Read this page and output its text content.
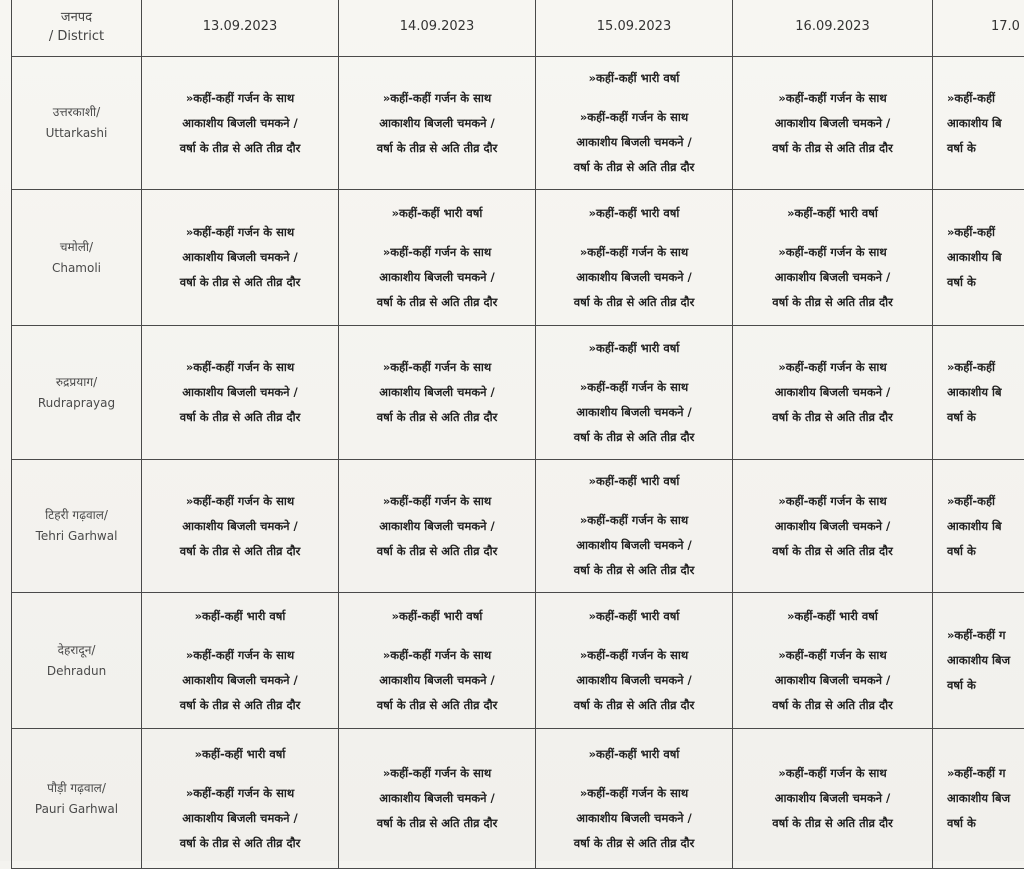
जनपद
/ District	13.09.2023	14.09.2023	15.09.2023	16.09.2023	17.0

उत्तरकाशी/
Uttarkashi	»कहीं-कहीं गर्जन के साथ
आकाशीय बिजली चमकने /
वर्षा के तीव्र से अति तीव्र दौर	»कहीं-कहीं गर्जन के साथ
आकाशीय बिजली चमकने /
वर्षा के तीव्र से अति तीव्र दौर	»कहीं-कहीं भारी वर्षा
»कहीं-कहीं गर्जन के साथ
आकाशीय बिजली चमकने /
वर्षा के तीव्र से अति तीव्र दौर	»कहीं-कहीं गर्जन के साथ
आकाशीय बिजली चमकने /
वर्षा के तीव्र से अति तीव्र दौर	»कहीं-कहीं
आकाशीय बि
वर्षा के

चमोली/
Chamoli	»कहीं-कहीं गर्जन के साथ
आकाशीय बिजली चमकने /
वर्षा के तीव्र से अति तीव्र दौर	»कहीं-कहीं भारी वर्षा
»कहीं-कहीं गर्जन के साथ
आकाशीय बिजली चमकने /
वर्षा के तीव्र से अति तीव्र दौर	»कहीं-कहीं भारी वर्षा
»कहीं-कहीं गर्जन के साथ
आकाशीय बिजली चमकने /
वर्षा के तीव्र से अति तीव्र दौर	»कहीं-कहीं भारी वर्षा
»कहीं-कहीं गर्जन के साथ
आकाशीय बिजली चमकने /
वर्षा के तीव्र से अति तीव्र दौर	»कहीं-कहीं
आकाशीय बि
वर्षा के

रुद्रप्रयाग/
Rudraprayag	»कहीं-कहीं गर्जन के साथ
आकाशीय बिजली चमकने /
वर्षा के तीव्र से अति तीव्र दौर	»कहीं-कहीं गर्जन के साथ
आकाशीय बिजली चमकने /
वर्षा के तीव्र से अति तीव्र दौर	»कहीं-कहीं भारी वर्षा
»कहीं-कहीं गर्जन के साथ
आकाशीय बिजली चमकने /
वर्षा के तीव्र से अति तीव्र दौर	»कहीं-कहीं गर्जन के साथ
आकाशीय बिजली चमकने /
वर्षा के तीव्र से अति तीव्र दौर	»कहीं-कहीं
आकाशीय बि
वर्षा के

टिहरी गढ़वाल/
Tehri Garhwal	»कहीं-कहीं गर्जन के साथ
आकाशीय बिजली चमकने /
वर्षा के तीव्र से अति तीव्र दौर	»कहीं-कहीं गर्जन के साथ
आकाशीय बिजली चमकने /
वर्षा के तीव्र से अति तीव्र दौर	»कहीं-कहीं भारी वर्षा
»कहीं-कहीं गर्जन के साथ
आकाशीय बिजली चमकने /
वर्षा के तीव्र से अति तीव्र दौर	»कहीं-कहीं गर्जन के साथ
आकाशीय बिजली चमकने /
वर्षा के तीव्र से अति तीव्र दौर	»कहीं-कहीं
आकाशीय बि
वर्षा के

देहरादून/
Dehradun	»कहीं-कहीं भारी वर्षा
»कहीं-कहीं गर्जन के साथ
आकाशीय बिजली चमकने /
वर्षा के तीव्र से अति तीव्र दौर	»कहीं-कहीं भारी वर्षा
»कहीं-कहीं गर्जन के साथ
आकाशीय बिजली चमकने /
वर्षा के तीव्र से अति तीव्र दौर	»कहीं-कहीं भारी वर्षा
»कहीं-कहीं गर्जन के साथ
आकाशीय बिजली चमकने /
वर्षा के तीव्र से अति तीव्र दौर	»कहीं-कहीं भारी वर्षा
»कहीं-कहीं गर्जन के साथ
आकाशीय बिजली चमकने /
वर्षा के तीव्र से अति तीव्र दौर	»कहीं-कहीं ग
आकाशीय बिज
वर्षा के

पौड़ी गढ़वाल/
Pauri Garhwal	»कहीं-कहीं भारी वर्षा
»कहीं-कहीं गर्जन के साथ
आकाशीय बिजली चमकने /
वर्षा के तीव्र से अति तीव्र दौर	»कहीं-कहीं गर्जन के साथ
आकाशीय बिजली चमकने /
वर्षा के तीव्र से अति तीव्र दौर	»कहीं-कहीं भारी वर्षा
»कहीं-कहीं गर्जन के साथ
आकाशीय बिजली चमकने /
वर्षा के तीव्र से अति तीव्र दौर	»कहीं-कहीं गर्जन के साथ
आकाशीय बिजली चमकने /
वर्षा के तीव्र से अति तीव्र दौर	»कहीं-कहीं ग
आकाशीय बिज
वर्षा के
